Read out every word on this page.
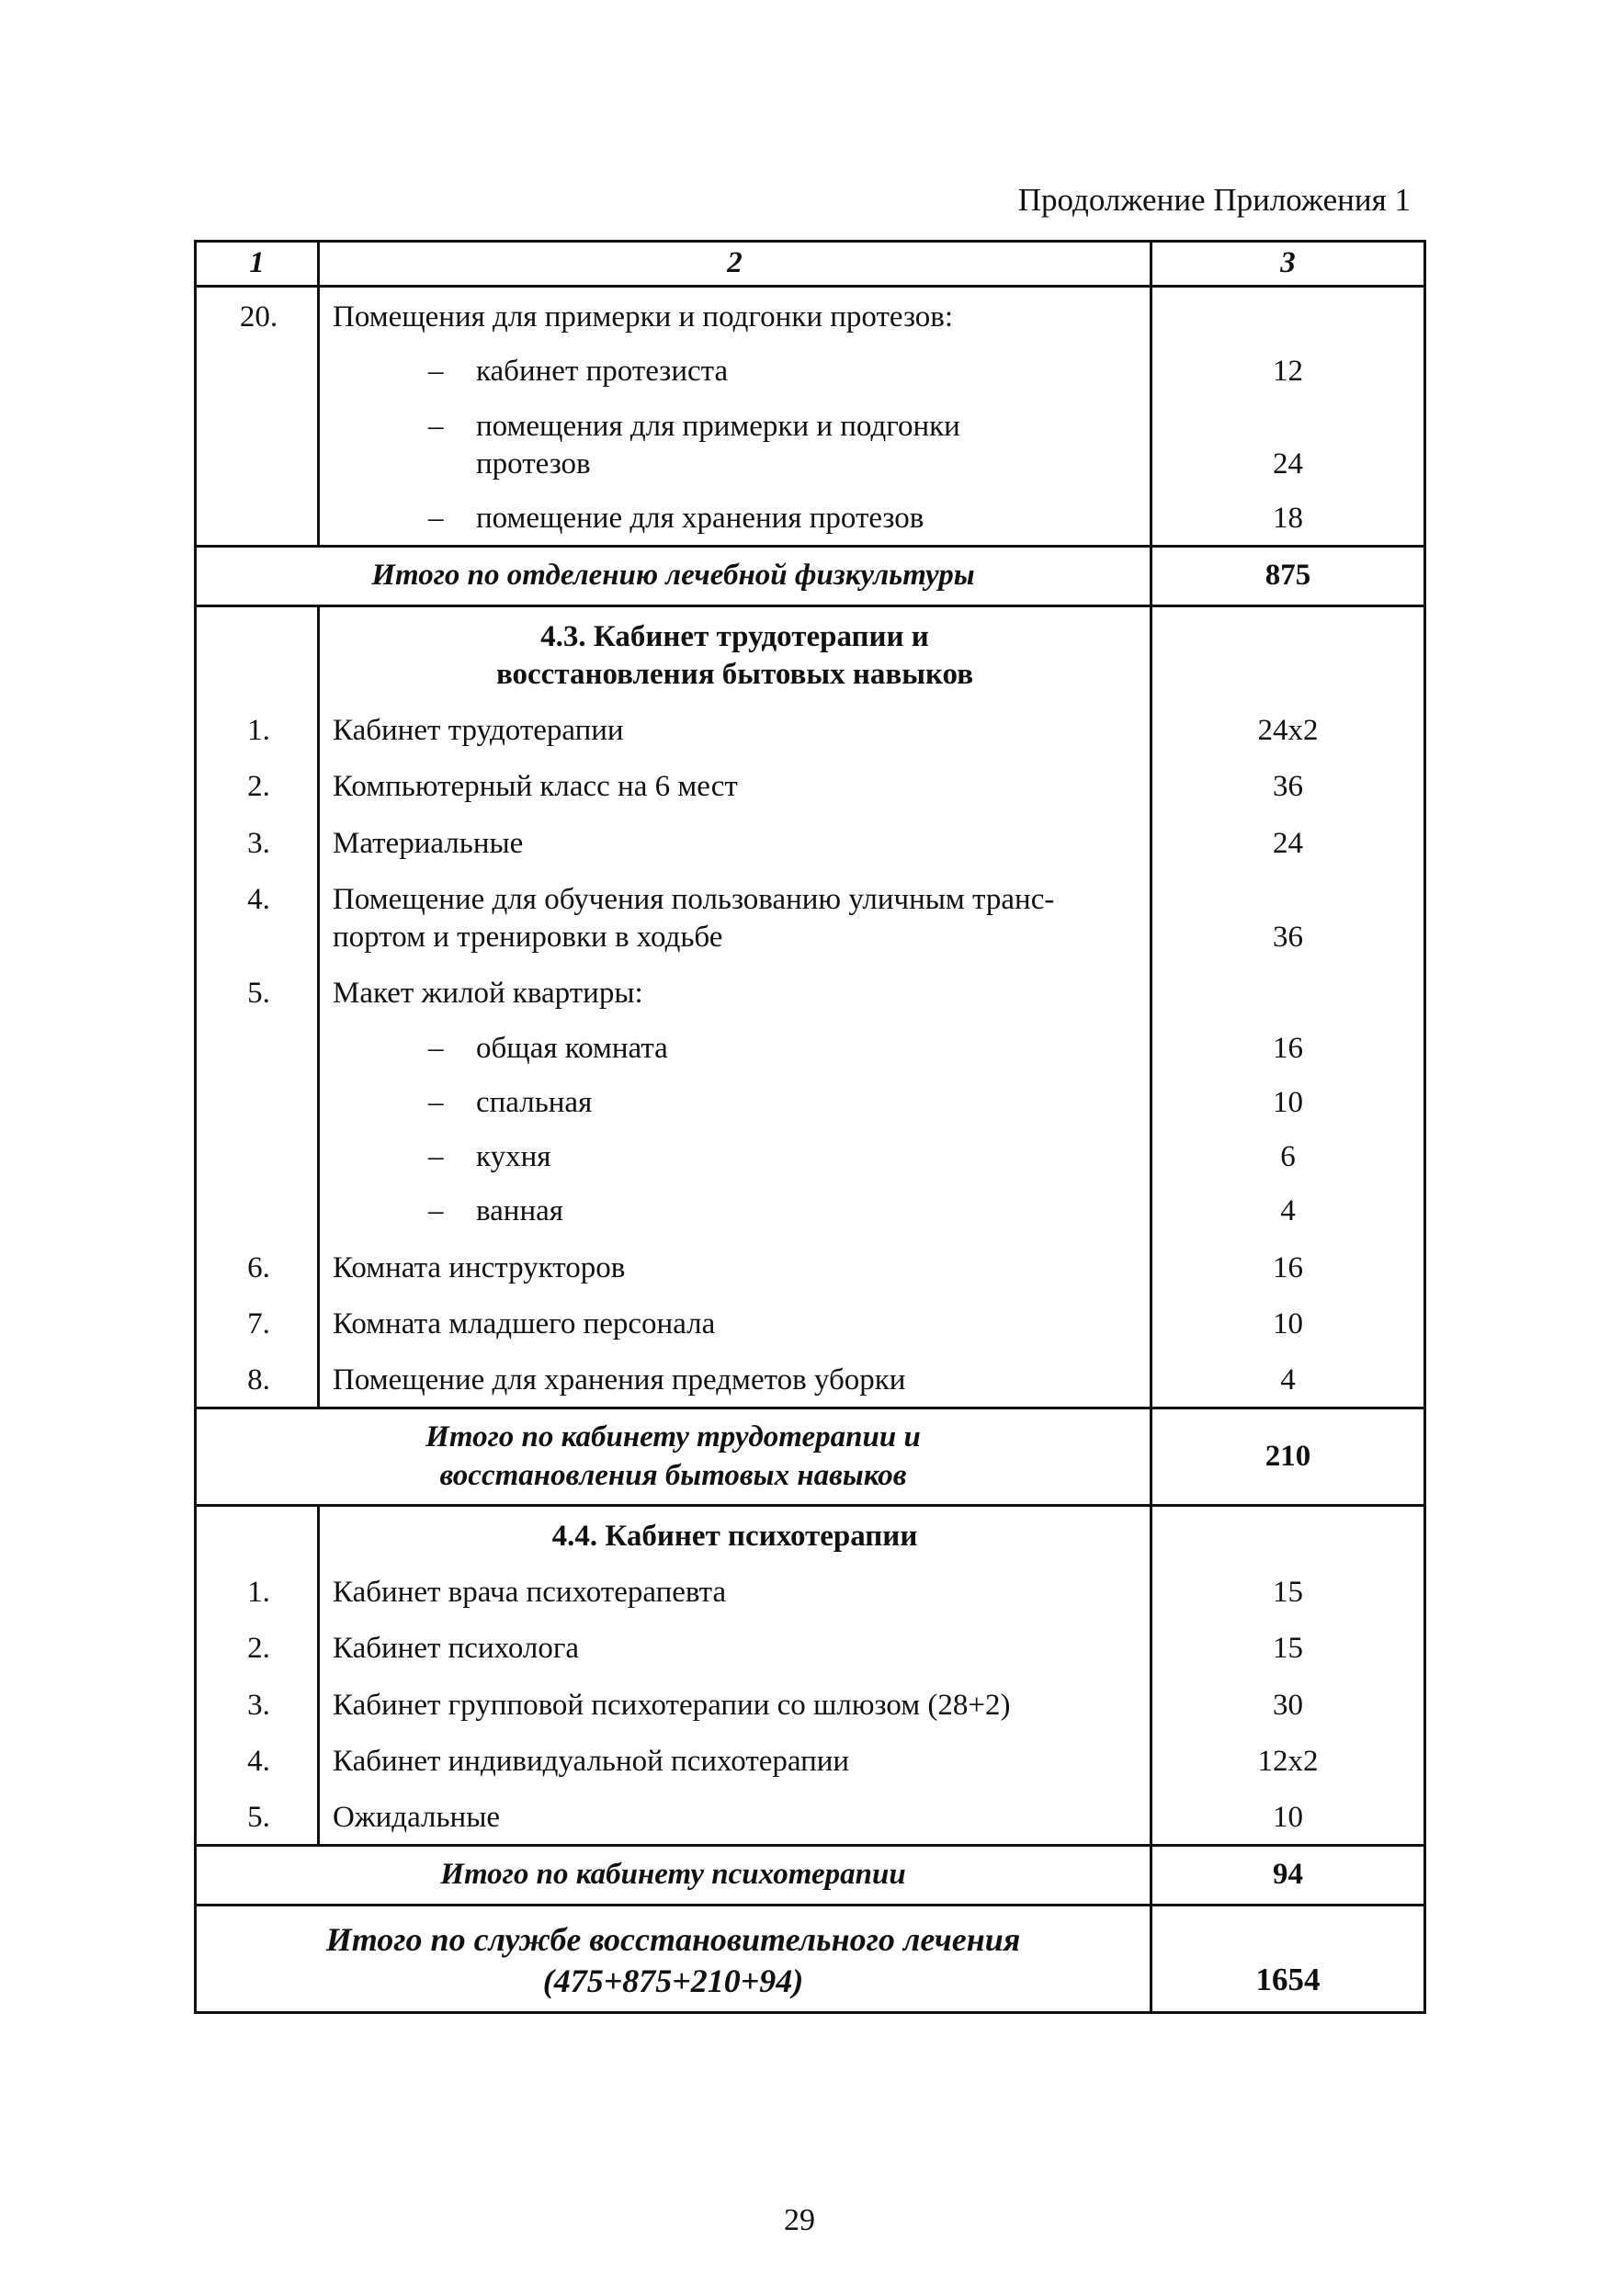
Продолжение Приложения 1
1	2	3

20.	Помещения для примерки и подгонки протезов:	

	– кабинет протезиста	12

	– помещения для примерки и подгонки
протезов	24

	– помещение для хранения протезов	18

Итого по отделению лечебной физкультуры		875

	4.3. Кабинет трудотерапии и
восстановления бытовых навыков	

1.	Кабинет трудотерапии	24x2

2.	Компьютерный класс на 6 мест	36

3.	Материальные	24

4.	Помещение для обучения пользованию уличным транс-
портом и тренировки в ходьбе	36

5.	Макет жилой квартиры:	

	– общая комната	16

	– спальная	10

	– кухня	6

	– ванная	4

6.	Комната инструкторов	16

7.	Комната младшего персонала	10

8.	Помещение для хранения предметов уборки	4

Итого по кабинету трудотерапии и
восстановления бытовых навыков		210

	4.4. Кабинет психотерапии	

1.	Кабинет врача психотерапевта	15

2.	Кабинет психолога	15

3.	Кабинет групповой психотерапии со шлюзом (28+2)	30

4.	Кабинет индивидуальной психотерапии	12x2

5.	Ожидальные	10

Итого по кабинету психотерапии		94
Итого по службе восстановительного лечения
(475+875+210+94)		1654
29
